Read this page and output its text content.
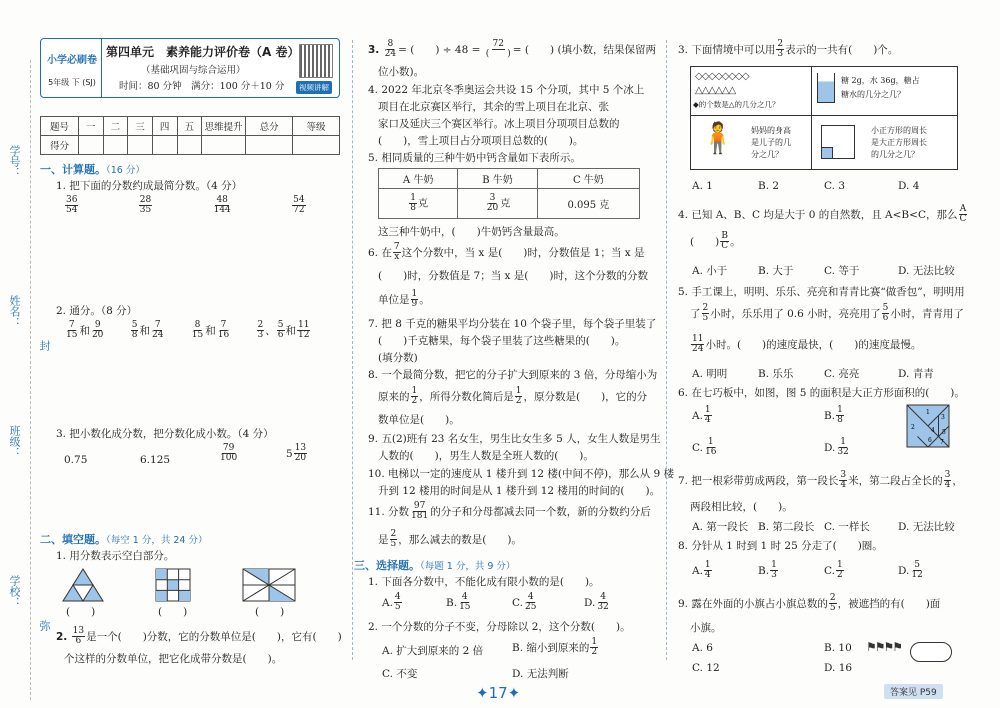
学号：
姓名：
封
班级：
学校：
弥
小学必刷卷
5年级 下 (SJ)
第四单元　素养能力评价卷（A 卷）
（基础巩固与综合运用）
时间：80 分钟　满分：100 分＋10 分	视频讲解
题号	一	二	三	四	五	思维提升	总分	等级
得分								
一、计算题。（16 分）
1. 把下面的分数约成最简分数。（4 分）
$\frac{36}{54}$
	$\frac{28}{35}$
	$\frac{48}{144}$
	$\frac{54}{72}$
2. 通分。（8 分）
$\frac{7}{15}$ 和 $\frac{9}{20}$
	$\frac{5}{8}$ 和 $\frac{7}{24}$
	$\frac{8}{15}$ 和 $\frac{7}{16}$
	$\frac{2}{3}$ 、 $\frac{5}{6}$ 和 $\frac{11}{12}$
3. 把小数化成分数，把分数化成小数。（4 分）
0.75	6.125	$\frac{79}{100}$	$5 \frac{13}{20}$
二、填空题。（每空 1 分，共 24 分）
1. 用分数表示空白部分。
(　　)	(　　)	(　　)
2. $\frac{13}{6}$ 是一个(　　)分数，它的分数单位是(　　)，它有(　　)
个这样的分数单位，把它化成带分数是(　　)。
3. $\frac{8}{24}$ = (　　) ÷ $48 = \frac{72}{( )}$ = (　　) (填小数，结果保留两
位小数)。
4. 2022 年北京冬季奥运会共设 15 个分项，其中 5 个冰上
项目在北京赛区举行，其余的雪上项目在北京、张
家口及延庆三个赛区举行。冰上项目分项项目总数的
(　　)，雪上项目占分项项目总数的(　　)。
5. 相同质量的三种牛奶中钙含量如下表所示。
A 牛奶	B 牛奶	C 牛奶

$\frac{1}{8}$ 克	$\frac{3}{20}$ 克	0.095 克
这三种牛奶中，(　　)牛奶钙含量最高。
6. 在 $\frac{7}{x}$ 这个分数中，当 x 是(　　)时，分数值是 1；当 x 是
(　　)时，分数值是 7；当 x 是(　　)时，这个分数的分数
单位是 $\frac{1}{9}$ 。
7. 把 8 千克的糖果平均分装在 10 个袋子里，每个袋子里装了
(　　)千克糖果，每个袋子里装了这些糖果的(　　)。
(填分数)
8. 一个最简分数，把它的分子扩大到原来的 3 倍，分母缩小为
原来的 $\frac{1}{2}$ ，所得分数化简后是 $\frac{1}{2}$ ，原分数是(　　)，它的分
数单位是(　　)。
9. 五(2)班有 23 名女生，男生比女生多 5 人，女生人数是男生
人数的(　　)，男生人数是全班人数的(　　)。
10. 电梯以一定的速度从 1 楼升到 12 楼(中间不停)，那么从 9 楼
升到 12 楼用的时间是从 1 楼升到 12 楼用的时间的(　　)。
11. 分数 $\frac{97}{181}$ 的分子和分母都减去同一个数，新的分数约分后
是 $\frac{2}{5}$ ，那么减去的数是(　　)。
三、选择题。（每题 1 分，共 9 分）
1. 下面各分数中，不能化成有限小数的是(　　)。
A. $\frac{4}{5}$	B. $\frac{4}{15}$	C. $\frac{4}{25}$	D. $\frac{4}{32}$
2. 一个分数的分子不变，分母除以 2，这个分数(　　)。
A. 扩大到原来的 2 倍	B. 缩小到原来的 $\frac{1}{2}$
C. 不变	D. 无法判断
✦17✦
3. 下面情境中可以用 $\frac{2}{3}$ 表示的一共有(　　)个。
◇◇◇◇◇◇◇◇
△△△△△△
◆的个数是△的几分之几？
糖 2g，水 36g，糖占
糖水的几分之几？
🧍 妈妈的身高
是儿子的几
分之几？
小正方形的周长
是大正方形周长
的几分之几？
A. 1	B. 2	C. 3	D. 4
4. 已知 A、B、C 均是大于 0 的自然数，且 A<B<C，那么 $\frac{A}{C}$
(　　) $\frac{B}{C}$ 。
A. 小于	B. 大于	C. 等于	D. 无法比较
5. 手工课上，明明、乐乐、亮亮和青青比赛“做香包”，明明用
了 $\frac{2}{5}$ 小时，乐乐用了 0.6 小时，亮亮用了 $\frac{5}{6}$ 小时，青青用了
$\frac{11}{24}$ 小时。(　　)的速度最快，(　　)的速度最慢。
A. 明明	B. 乐乐	C. 亮亮	D. 青青
6. 在七巧板中，如图，图 5 的面积是大正方形面积的(　　)。
A. $\frac{1}{4}$	B. $\frac{1}{8}$
C. $\frac{1}{16}$	D. $\frac{1}{32}$
1
2
3
4 5
6 7
7. 把一根彩带剪成两段，第一段长 $\frac{3}{4}$ 米，第二段占全长的 $\frac{3}{4}$ ，
两段相比较，(　　)。
A. 第一段长 B. 第二段长 C. 一样长	D. 无法比较
8. 分针从 1 时到 1 时 25 分走了(　　)圈。
A. $\frac{1}{4}$	B. $\frac{1}{3}$	C. $\frac{1}{2}$	D. $\frac{5}{12}$
9. 露在外面的小旗占小旗总数的 $\frac{2}{5}$ ，被遮挡的有(　　)面
小旗。
A. 6	B. 10
C. 12	D. 16
⚑⚑⚑⚑
答案见 P59
